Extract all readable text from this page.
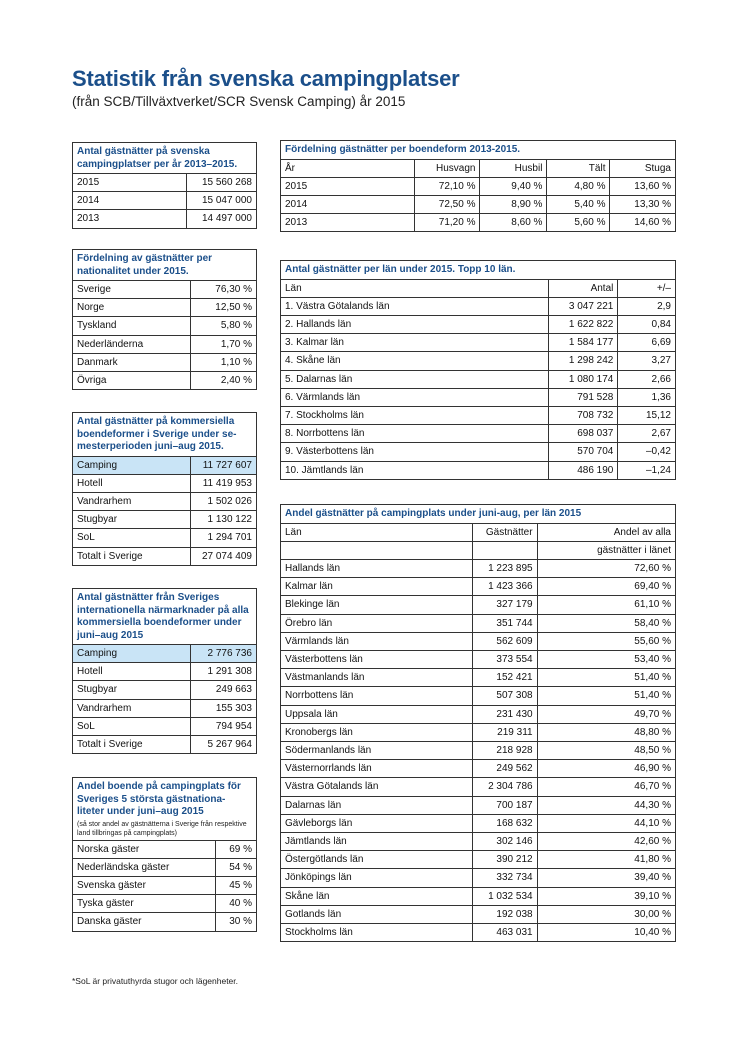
Statistik från svenska campingplatser
(från SCB/Tillväxtverket/SCR Svensk Camping) år 2015
Antal gästnätter på svenska campingplatser per år 2013–2015.
2015	15 560 268
2014	15 047 000
2013	14 497 000
Fördelning av gästnätter per nationalitet under 2015.
Sverige	76,30 %
Norge	12,50 %
Tyskland	5,80 %
Nederländerna	1,70 %
Danmark	1,10 %
Övriga	2,40 %
Antal gästnätter på kommersiella boendeformer i Sverige under se- mesterperioden juni–aug 2015.
Camping	11 727 607
Hotell	11 419 953
Vandrarhem	1 502 026
Stugbyar	1 130 122
SoL	1 294 701
Totalt i Sverige	27 074 409
Antal gästnätter från Sveriges internationella närmarknader på alla kommersiella boendeformer under juni–aug 2015
Camping	2 776 736
Hotell	1 291 308
Stugbyar	249 663
Vandrarhem	155 303
SoL	794 954
Totalt i Sverige	5 267 964
Andel boende på campingplats för Sveriges 5 största gästnationa- liteter under juni–aug 2015
(så stor andel av gästnätterna i Sverige från respektive land tillbringas på campingplats)
Norska gäster	69 %
Nederländska gäster	54 %
Svenska gäster	45 %
Tyska gäster	40 %
Danska gäster	30 %
Fördelning gästnätter per boendeform 2013-2015.
År	Husvagn	Husbil	Tält	Stuga
2015	72,10 %	9,40 %	4,80 %	13,60 %
2014	72,50 %	8,90 %	5,40 %	13,30 %
2013	71,20 %	8,60 %	5,60 %	14,60 %
Antal gästnätter per län under 2015. Topp 10 län.
Län	Antal	+/–
1. Västra Götalands län	3 047 221	2,9
2. Hallands län	1 622 822	0,84
3. Kalmar län	1 584 177	6,69
4. Skåne län	1 298 242	3,27
5. Dalarnas län	1 080 174	2,66
6. Värmlands län	791 528	1,36
7. Stockholms län	708 732	15,12
8. Norrbottens län	698 037	2,67
9. Västerbottens län	570 704	–0,42
10. Jämtlands län	486 190	–1,24
Andel gästnätter på campingplats under juni-aug, per län 2015
Län	Gästnätter	Andel av alla
		gästnätter i länet
Hallands län	1 223 895	72,60 %
Kalmar län	1 423 366	69,40 %
Blekinge län	327 179	61,10 %
Örebro län	351 744	58,40 %
Värmlands län	562 609	55,60 %
Västerbottens län	373 554	53,40 %
Västmanlands län	152 421	51,40 %
Norrbottens län	507 308	51,40 %
Uppsala län	231 430	49,70 %
Kronobergs län	219 311	48,80 %
Södermanlands län	218 928	48,50 %
Västernorrlands län	249 562	46,90 %
Västra Götalands län	2 304 786	46,70 %
Dalarnas län	700 187	44,30 %
Gävleborgs län	168 632	44,10 %
Jämtlands län	302 146	42,60 %
Östergötlands län	390 212	41,80 %
Jönköpings län	332 734	39,40 %
Skåne län	1 032 534	39,10 %
Gotlands län	192 038	30,00 %
Stockholms län	463 031	10,40 %
*SoL är privatuthyrda stugor och lägenheter.
